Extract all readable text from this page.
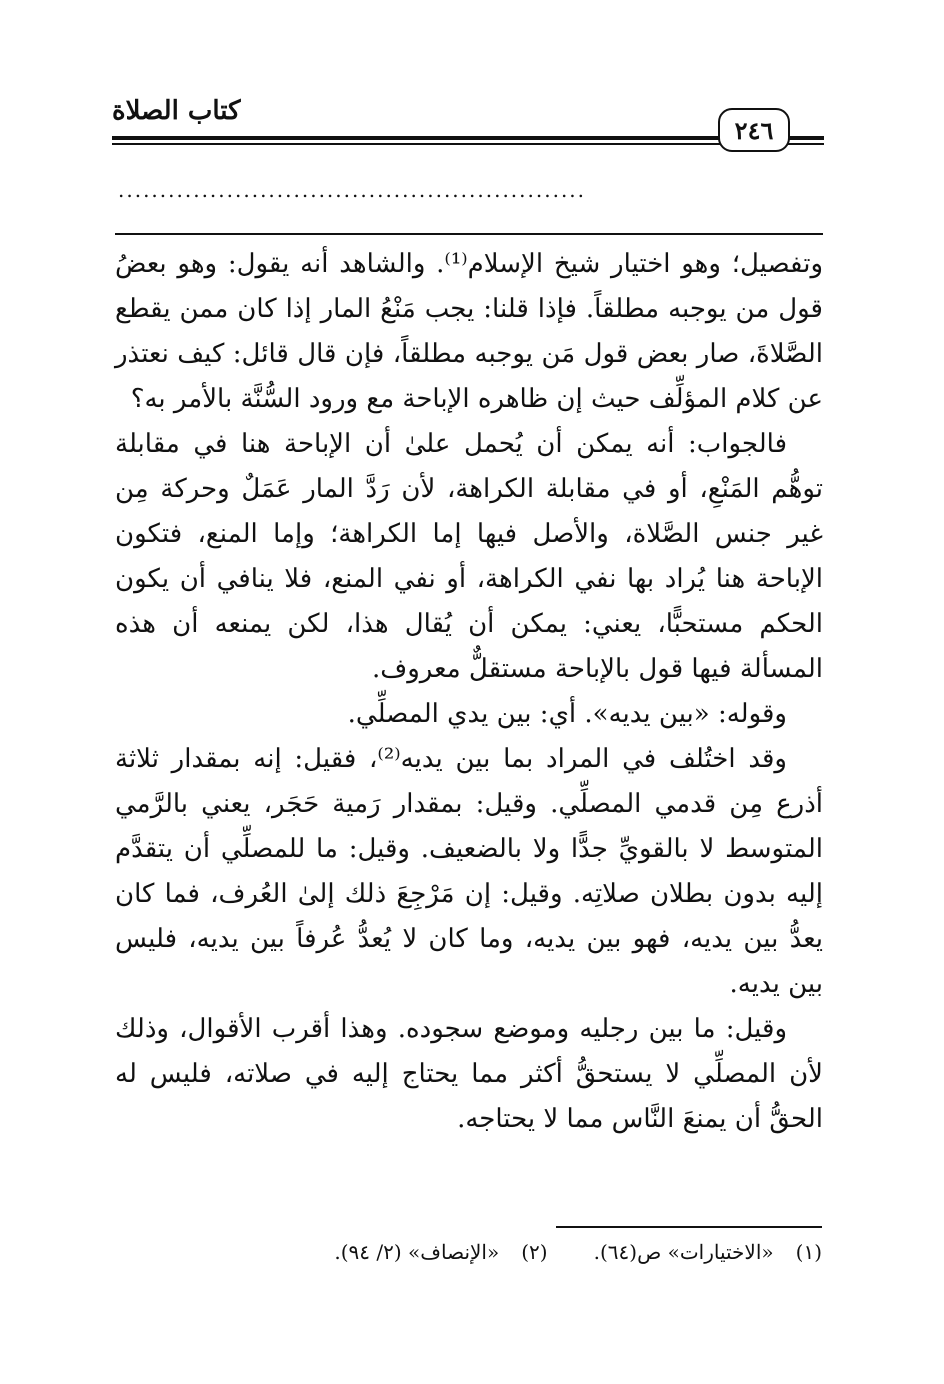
كتاب الصلاة
٢٤٦
........................................................

وتفصيل؛ وهو اختيار شيخ الإسلام⁽¹⁾. والشاهد أنه يقول: وهو بعضُ قول من يوجبه مطلقاً. فإذا قلنا: يجب مَنْعُ المار إذا كان ممن يقطع الصَّلاةَ، صار بعض قول مَن يوجبه مطلقاً، فإن قال قائل: كيف نعتذر عن كلام المؤلِّف حيث إن ظاهره الإباحة مع ورود السُّنَّة بالأمر به؟

فالجواب: أنه يمكن أن يُحمل علىٰ أن الإباحة هنا في مقابلة توهُّم المَنْعِ، أو في مقابلة الكراهة، لأن رَدَّ المار عَمَلٌ وحركة مِن غير جنس الصَّلاة، والأصل فيها إما الكراهة؛ وإما المنع، فتكون الإباحة هنا يُراد بها نفي الكراهة، أو نفي المنع، فلا ينافي أن يكون الحكم مستحبًّا، يعني: يمكن أن يُقال هذا، لكن يمنعه أن هذه المسألة فيها قول بالإباحة مستقلٌّ معروف.

وقوله: «بين يديه». أي: بين يدي المصلِّي.

وقد اختُلف في المراد بما بين يديه⁽²⁾، فقيل: إنه بمقدار ثلاثة أذرع مِن قدمي المصلِّي. وقيل: بمقدار رَمية حَجَر، يعني بالرَّمي المتوسط لا بالقويِّ جدًّا ولا بالضعيف. وقيل: ما للمصلِّي أن يتقدَّم إليه بدون بطلان صلاتِه. وقيل: إن مَرْجِعَ ذلك إلىٰ العُرف، فما كان يعدُّ بين يديه، فهو بين يديه، وما كان لا يُعدُّ عُرفاً بين يديه، فليس بين يديه.

وقيل: ما بين رجليه وموضع سجوده. وهذا أقرب الأقوال، وذلك لأن المصلِّي لا يستحقُّ أكثر مما يحتاج إليه في صلاته، فليس له الحقُّ أن يمنعَ النَّاس مما لا يحتاجه.

(١)
«الاختيارات» ص(٦٤).
(٢)
«الإنصاف» (٢/ ٩٤).
